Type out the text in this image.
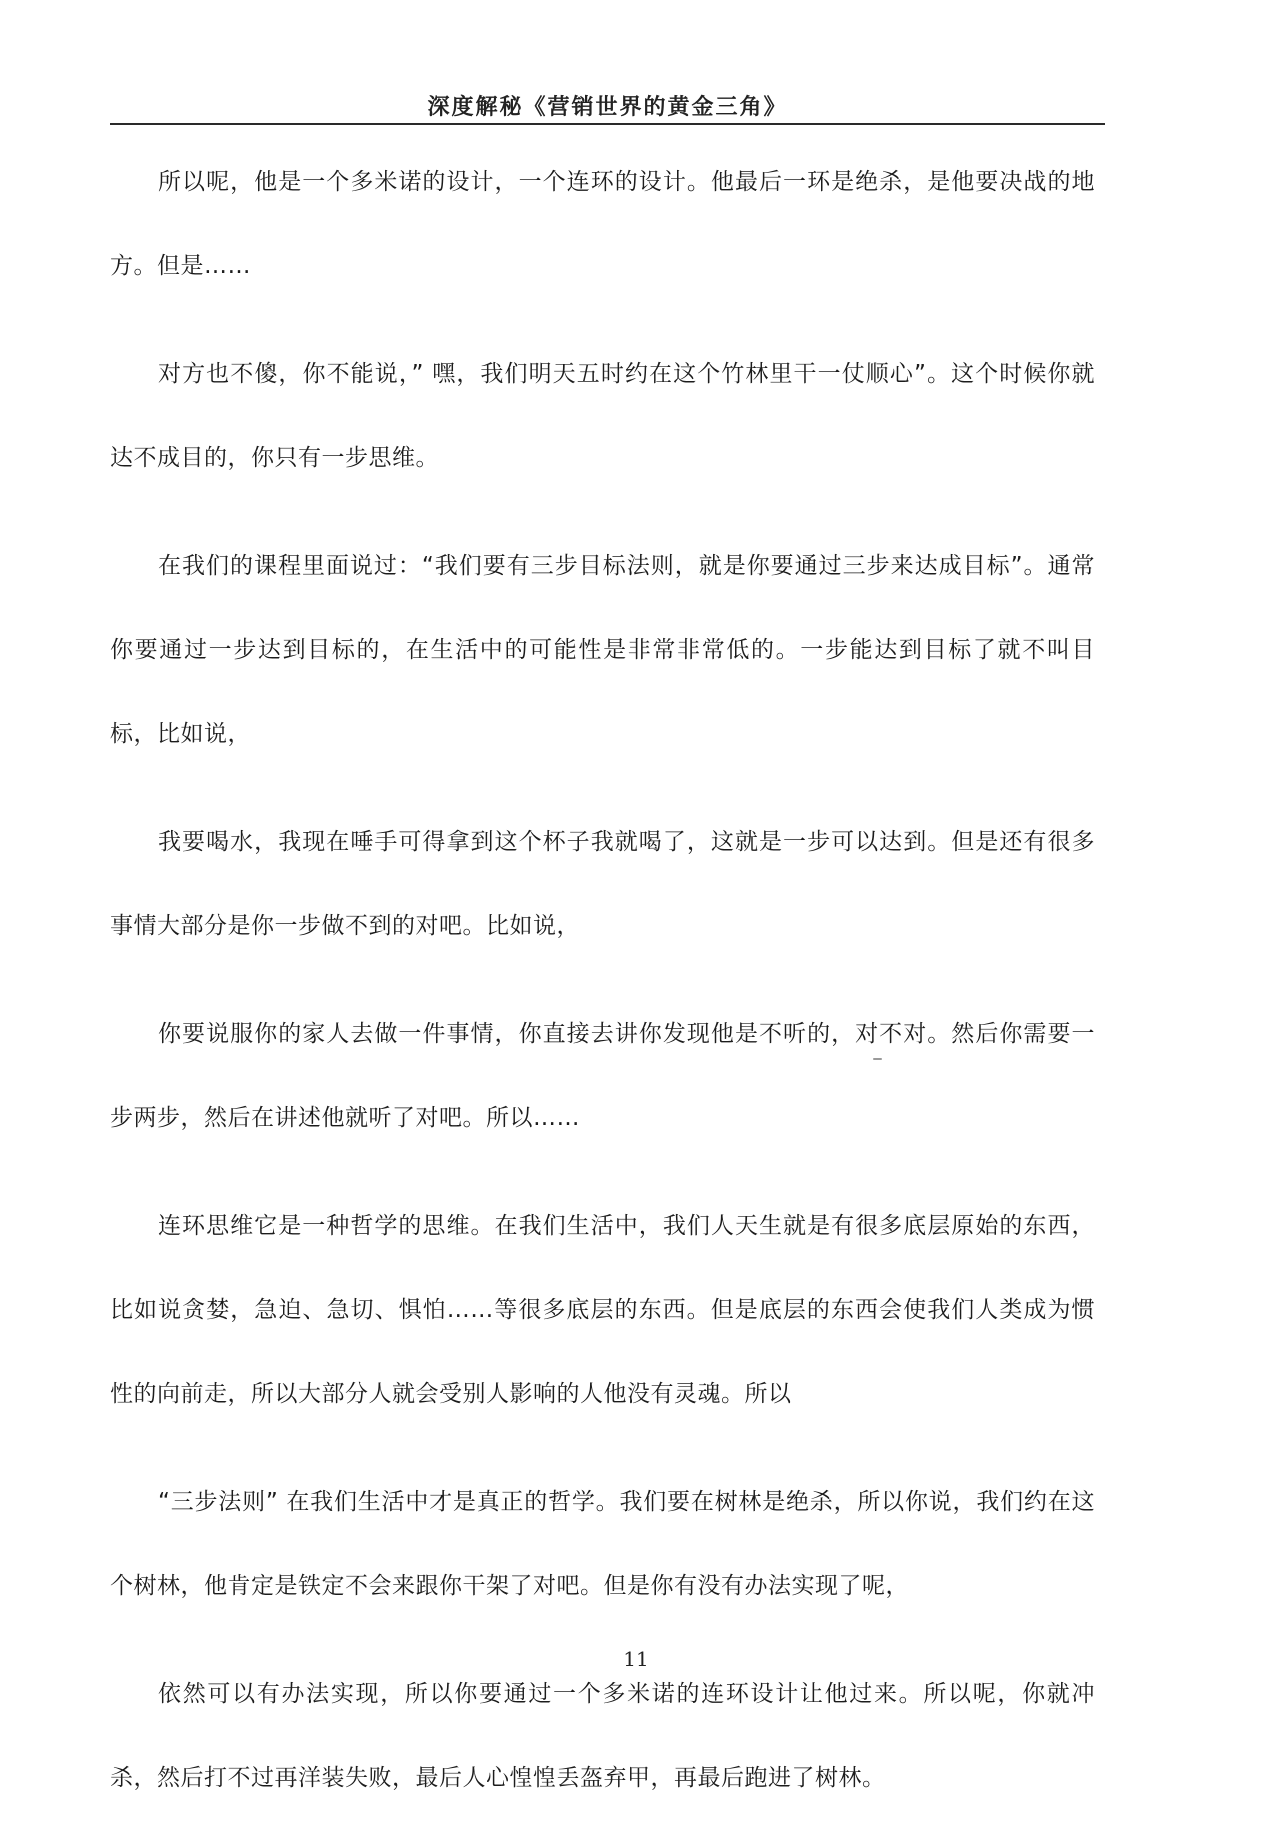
深度解秘《营销世界的黄金三角》

所以呢，他是一个多米诺的设计，一个连环的设计。他最后一环是绝杀，是他要决战的地方。但是……

对方也不傻，你不能说，” 嘿，我们明天五时约在这个竹林里干一仗顺心”。这个时候你就达不成目的，你只有一步思维。

在我们的课程里面说过：“我们要有三步目标法则，就是你要通过三步来达成目标”。通常你要通过一步达到目标的，在生活中的可能性是非常非常低的。一步能达到目标了就不叫目标，比如说，

我要喝水，我现在唾手可得拿到这个杯子我就喝了，这就是一步可以达到。但是还有很多事情大部分是你一步做不到的对吧。比如说，

你要说服你的家人去做一件事情，你直接去讲你发现他是不听的，对不对。然后你需要一步两步，然后在讲述他就听了对吧。所以……

连环思维它是一种哲学的思维。在我们生活中，我们人天生就是有很多底层原始的东西，比如说贪婪，急迫、急切、惧怕……等很多底层的东西。但是底层的东西会使我们人类成为惯性的向前走，所以大部分人就会受别人影响的人他没有灵魂。所以

“三步法则” 在我们生活中才是真正的哲学。我们要在树林是绝杀，所以你说，我们约在这个树林，他肯定是铁定不会来跟你干架了对吧。但是你有没有办法实现了呢，

依然可以有办法实现，所以你要通过一个多米诺的连环设计让他过来。所以呢，你就冲杀，然后打不过再洋装失败，最后人心惶惶丢盔弃甲，再最后跑进了树林。

11
